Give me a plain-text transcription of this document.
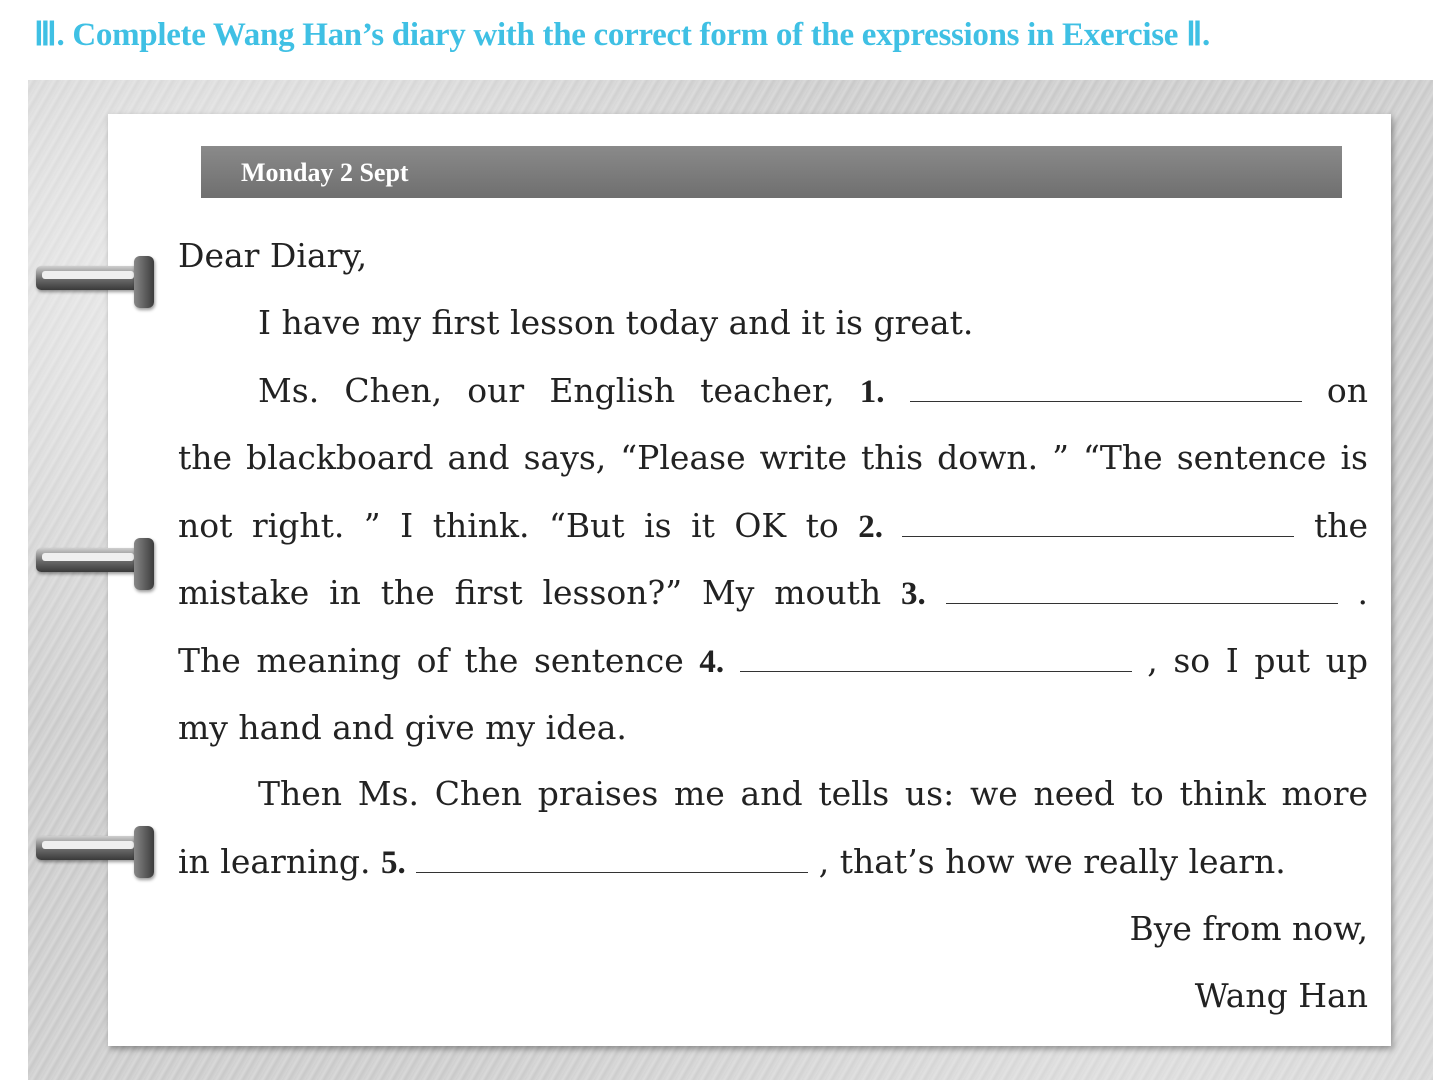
Ⅲ. Complete Wang Han’s diary with the correct form of the expressions in Exercise Ⅱ.
Monday 2 Sept
Dear Diary,
I have my first lesson today and it is great.
Ms. Chen, our English teacher, 1.	on
the blackboard and says, “Please write this down. ” “The sentence is
not right. ” I think. “But is it OK to 2.	the
mistake in the first lesson?” My mouth 3.	.
The meaning of the sentence 4.	, so I put up
my hand and give my idea.
Then Ms. Chen praises me and tells us: we need to think more
in learning. 5.	, that’s how we really learn.
Bye from now,
Wang Han
